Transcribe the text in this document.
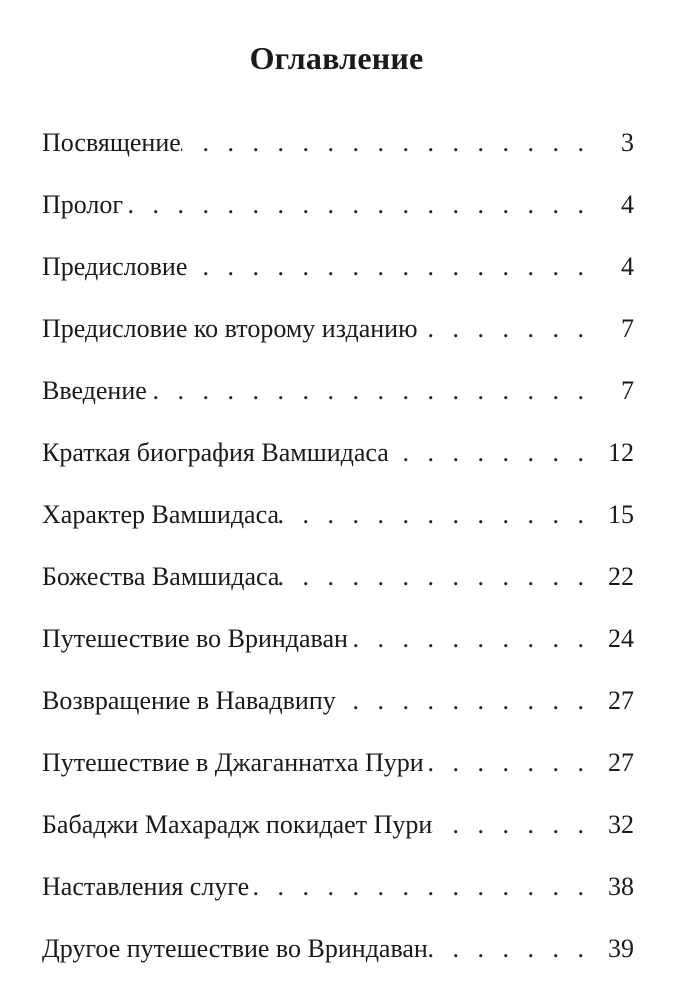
Оглавление
Посвящение . . .	3
Пролог . . .	4
Предисловие . . .	4
Предисловие ко второму изданию . . .	7
Введение . . .	7
Краткая биография Вамшидаса . . .	12
Характер Вамшидаса . . .	15
Божества Вамшидаса . . .	22
Путешествие во Вриндаван . . .	24
Возвращение в Навадвипу . . .	27
Путешествие в Джаганнатха Пури . . .	27
Бабаджи Махарадж покидает Пури . . .	32
Наставления слуге . . .	38
Другое путешествие во Вриндаван . . .	39
